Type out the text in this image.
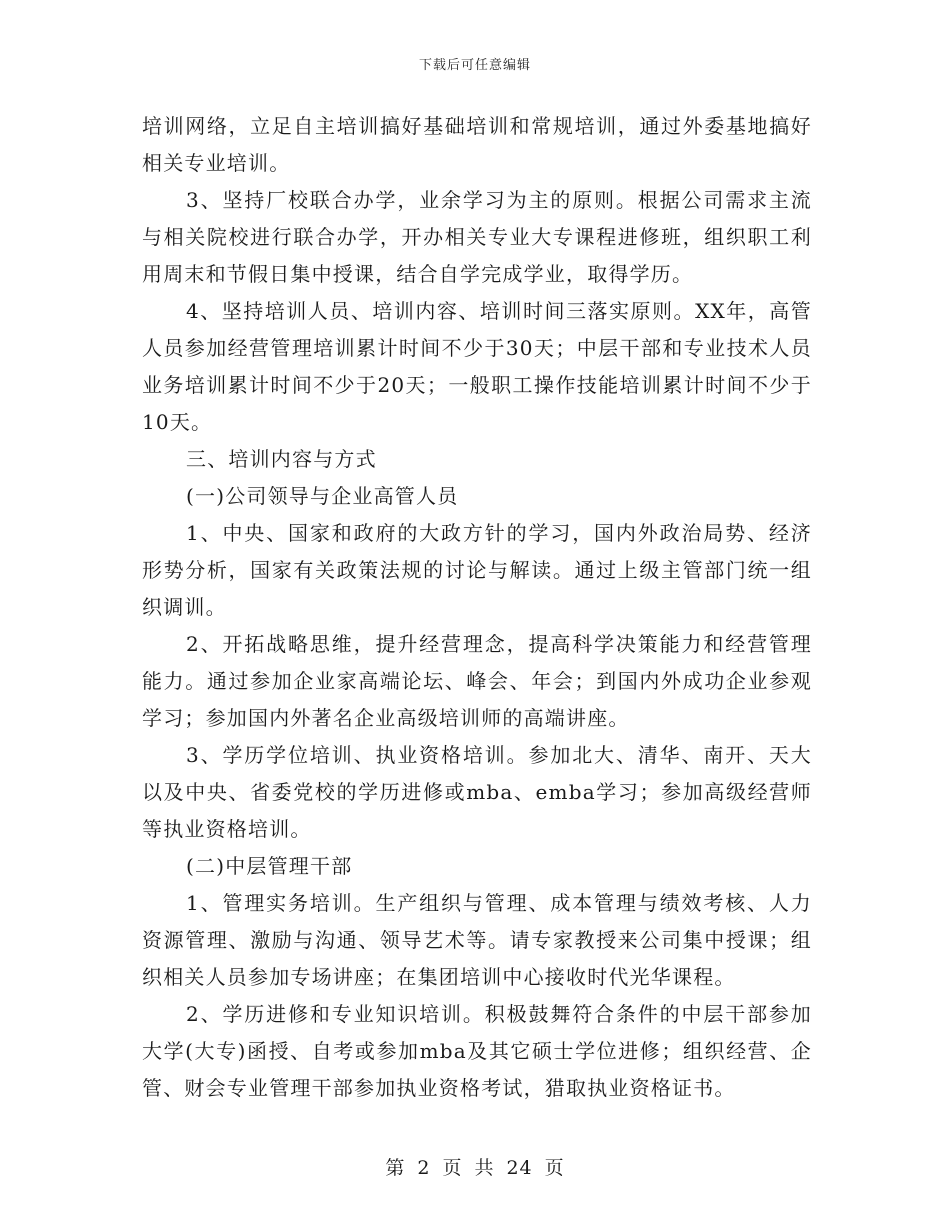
下载后可任意编辑

培训网络，立足自主培训搞好基础培训和常规培训，通过外委基地搞好相关专业培训。

3、坚持厂校联合办学，业余学习为主的原则。根据公司需求主流与相关院校进行联合办学，开办相关专业大专课程进修班，组织职工利用周末和节假日集中授课，结合自学完成学业，取得学历。

4、坚持培训人员、培训内容、培训时间三落实原则。XX年，高管人员参加经营管理培训累计时间不少于30天；中层干部和专业技术人员业务培训累计时间不少于20天；一般职工操作技能培训累计时间不少于10天。

三、培训内容与方式

(一)公司领导与企业高管人员

1、中央、国家和政府的大政方针的学习，国内外政治局势、经济形势分析，国家有关政策法规的讨论与解读。通过上级主管部门统一组织调训。

2、开拓战略思维，提升经营理念，提高科学决策能力和经营管理能力。通过参加企业家高端论坛、峰会、年会；到国内外成功企业参观学习；参加国内外著名企业高级培训师的高端讲座。

3、学历学位培训、执业资格培训。参加北大、清华、南开、天大以及中央、省委党校的学历进修或mba、emba学习；参加高级经营师等执业资格培训。

(二)中层管理干部

1、管理实务培训。生产组织与管理、成本管理与绩效考核、人力资源管理、激励与沟通、领导艺术等。请专家教授来公司集中授课；组织相关人员参加专场讲座；在集团培训中心接收时代光华课程。

2、学历进修和专业知识培训。积极鼓舞符合条件的中层干部参加大学(大专)函授、自考或参加mba及其它硕士学位进修；组织经营、企管、财会专业管理干部参加执业资格考试，猎取执业资格证书。

第 2 页 共 24 页
